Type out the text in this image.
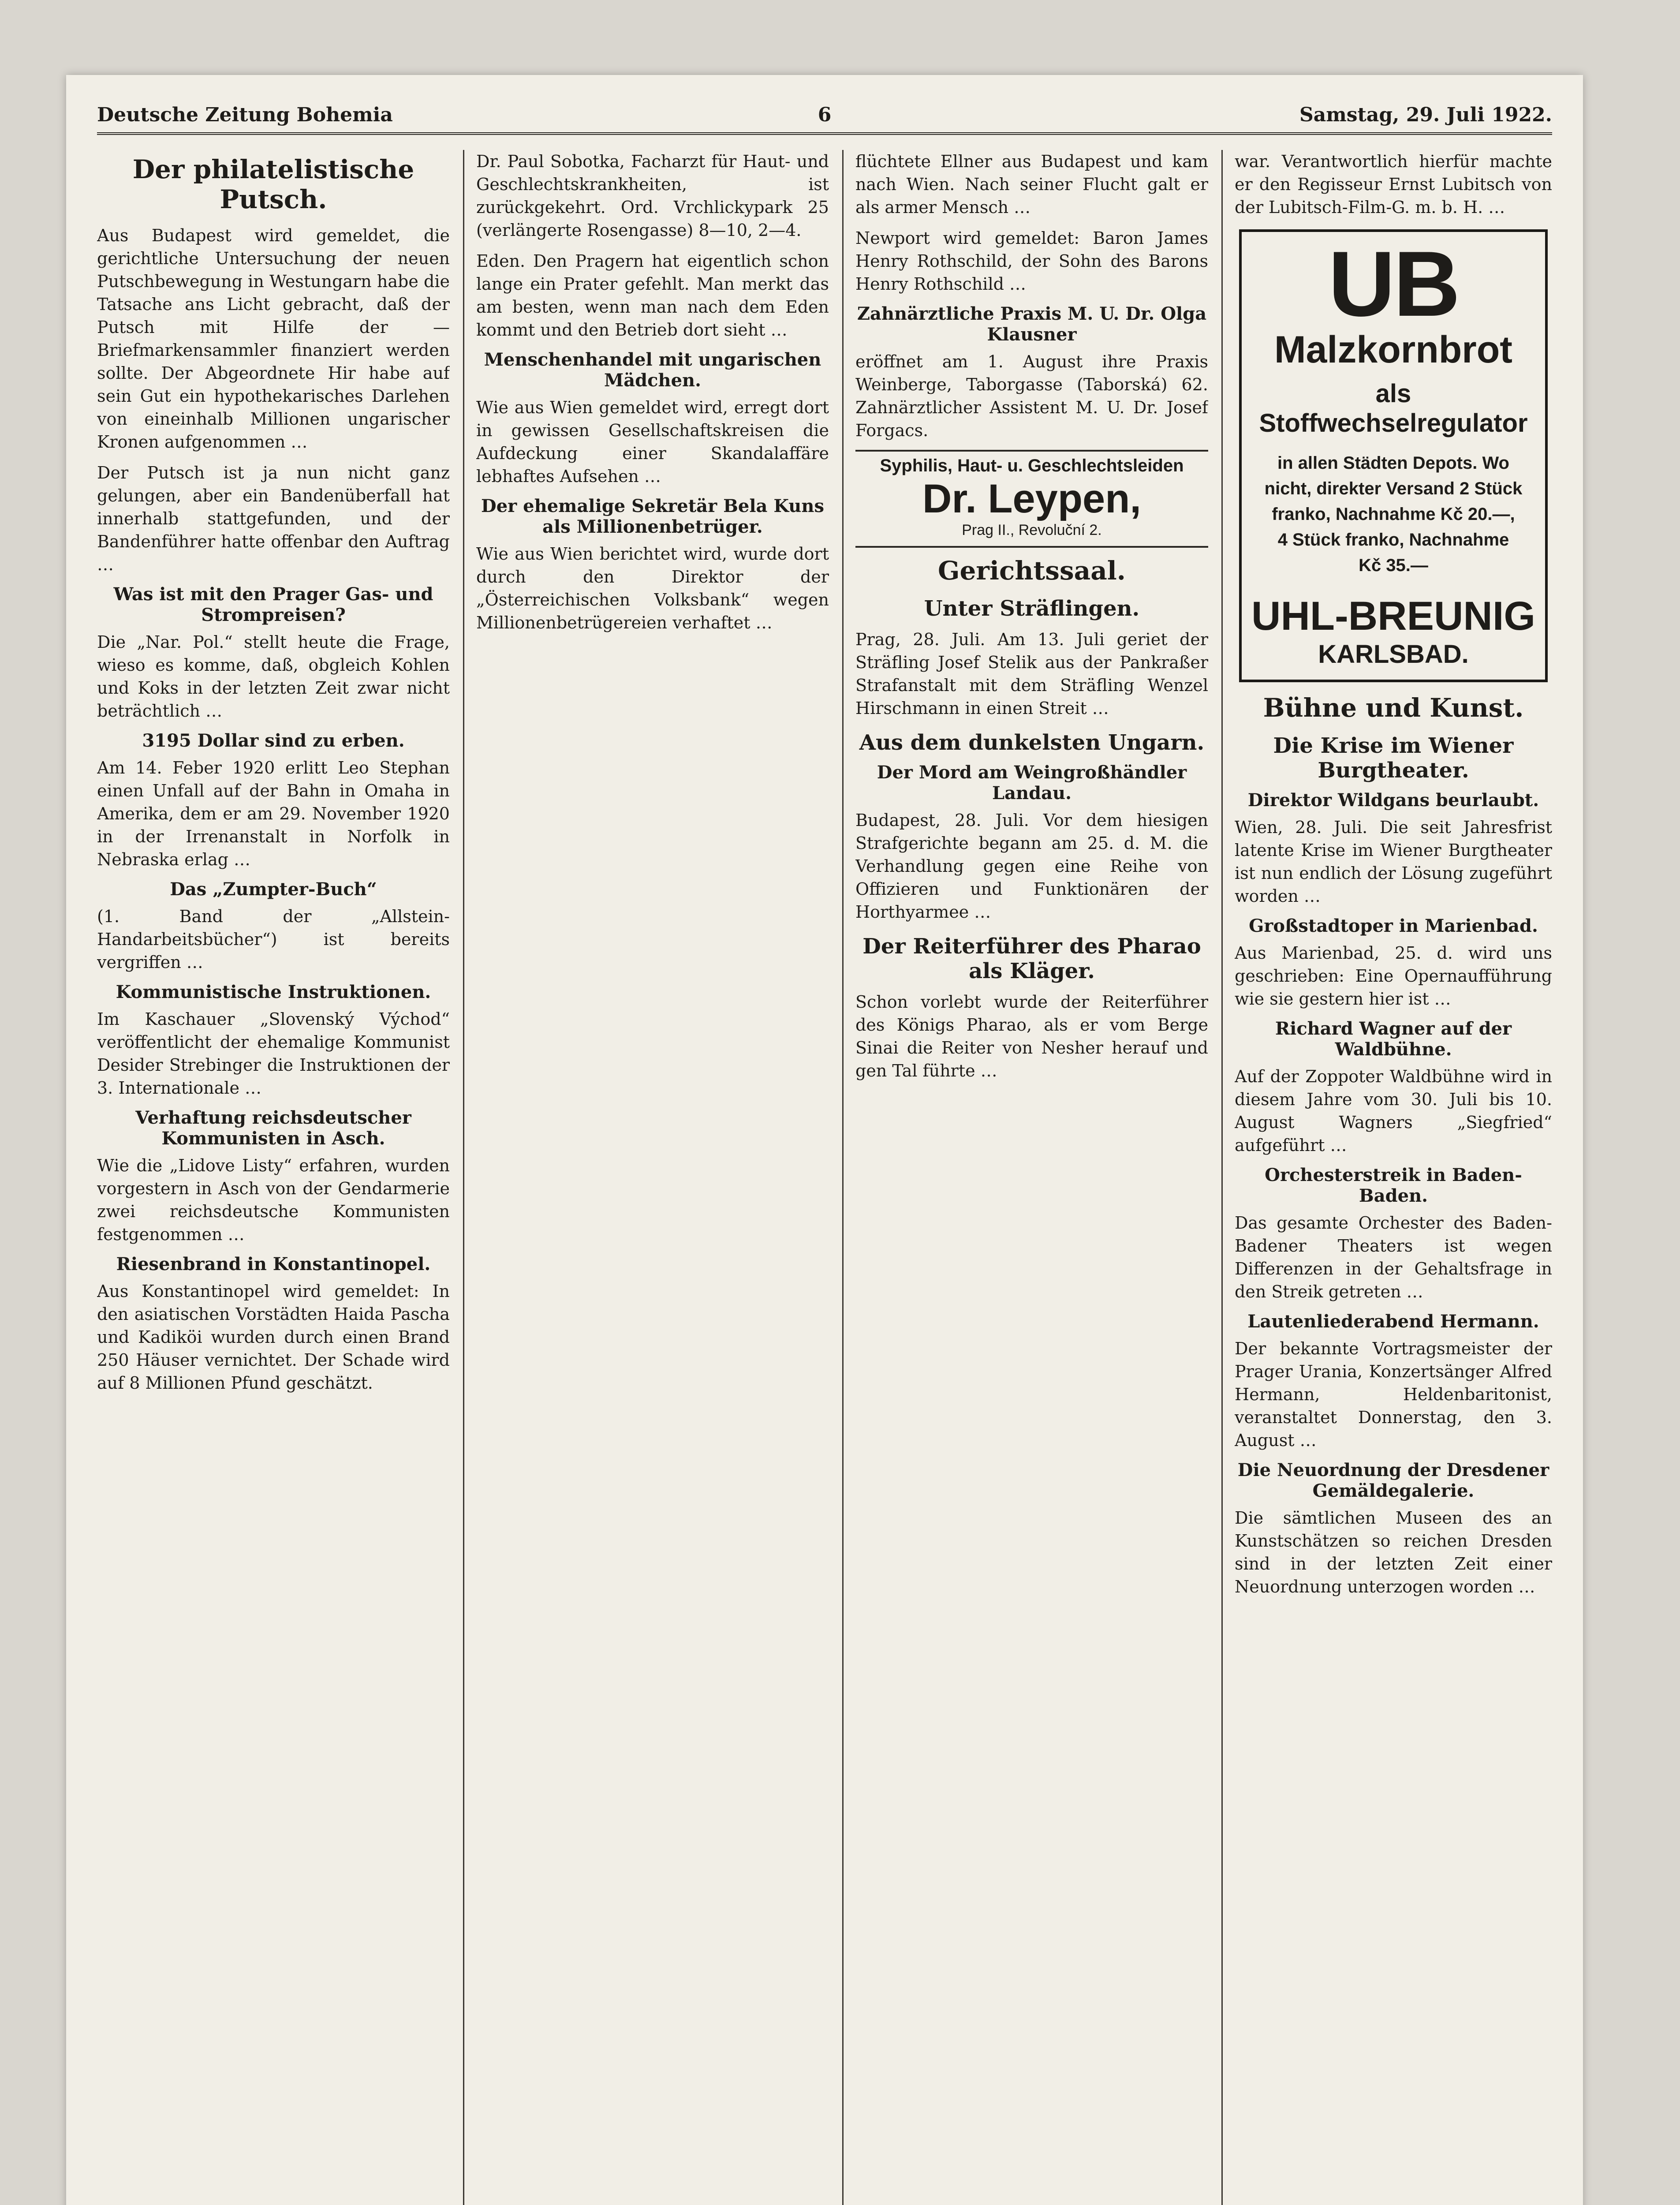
Deutsche Zeitung Bohemia	6	Samstag, 29. Juli 1922.
Der philatelistische Putsch.

Aus Budapest wird gemeldet, die gerichtliche Untersuchung der neuen Putschbewegung in Westungarn habe die Tatsache ans Licht gebracht, daß der Putsch mit Hilfe der — Briefmarkensammler finanziert werden sollte. Der Abgeordnete Hir habe auf sein Gut ein hypothekarisches Darlehen von eineinhalb Millionen ungarischer Kronen aufgenommen …

Der Putsch ist ja nun nicht ganz gelungen, aber ein Bandenüberfall hat innerhalb stattgefunden, und der Bandenführer hatte offenbar den Auftrag …

Was ist mit den Prager Gas- und Strompreisen?

Die „Nar. Pol.“ stellt heute die Frage, wieso es komme, daß, obgleich Kohlen und Koks in der letzten Zeit zwar nicht beträchtlich …

3195 Dollar sind zu erben.

Am 14. Feber 1920 erlitt Leo Stephan einen Unfall auf der Bahn in Omaha in Amerika, dem er am 29. November 1920 in der Irrenanstalt in Norfolk in Nebraska erlag …

Das „Zumpter-Buch“

(1. Band der „Allstein-Handarbeitsbücher“) ist bereits vergriffen …

Kommunistische Instruktionen.

Im Kaschauer „Slovenský Východ“ veröffentlicht der ehemalige Kommunist Desider Strebinger die Instruktionen der 3. Internationale …

Verhaftung reichsdeutscher Kommunisten in Asch.

Wie die „Lidove Listy“ erfahren, wurden vorgestern in Asch von der Gendarmerie zwei reichsdeutsche Kommunisten festgenommen …

Riesenbrand in Konstantinopel.

Aus Konstantinopel wird gemeldet: In den asiatischen Vorstädten Haida Pascha und Kadiköi wurden durch einen Brand 250 Häuser vernichtet. Der Schade wird auf 8 Millionen Pfund geschätzt.

Dr. Paul Sobotka, Facharzt für Haut- und Geschlechtskrankheiten, ist zurückgekehrt. Ord. Vrchlickypark 25 (verlängerte Rosengasse) 8—10, 2—4.

Eden. Den Pragern hat eigentlich schon lange ein Prater gefehlt. Man merkt das am besten, wenn man nach dem Eden kommt und den Betrieb dort sieht …

Menschenhandel mit ungarischen Mädchen.

Wie aus Wien gemeldet wird, erregt dort in gewissen Gesellschaftskreisen die Aufdeckung einer Skandalaffäre lebhaftes Aufsehen …

Der ehemalige Sekretär Bela Kuns als Millionenbetrüger.

Wie aus Wien berichtet wird, wurde dort durch den Direktor der „Österreichischen Volksbank“ wegen Millionenbetrügereien verhaftet …

flüchtete Ellner aus Budapest und kam nach Wien. Nach seiner Flucht galt er als armer Mensch …

Newport wird gemeldet: Baron James Henry Rothschild, der Sohn des Barons Henry Rothschild …

Zahnärztliche Praxis M. U. Dr. Olga Klausner

eröffnet am 1. August ihre Praxis Weinberge, Taborgasse (Taborská) 62. Zahnärztlicher Assistent M. U. Dr. Josef Forgacs.

Syphilis, Haut- u. Geschlechtsleiden
Dr. Leypen,
Prag II., Revoluční 2.
Gerichtssaal.
Unter Sträflingen.

Prag, 28. Juli. Am 13. Juli geriet der Sträfling Josef Stelik aus der Pankraßer Strafanstalt mit dem Sträfling Wenzel Hirschmann in einen Streit …

Aus dem dunkelsten Ungarn.
Der Mord am Weingroßhändler Landau.

Budapest, 28. Juli. Vor dem hiesigen Strafgerichte begann am 25. d. M. die Verhandlung gegen eine Reihe von Offizieren und Funktionären der Horthyarmee …

Der Reiterführer des Pharao als Kläger.

Schon vorlebt wurde der Reiterführer des Königs Pharao, als er vom Berge Sinai die Reiter von Nesher herauf und gen Tal führte …

war. Verantwortlich hierfür machte er den Regisseur Ernst Lubitsch von der Lubitsch-Film-G. m. b. H. …

UB Malzkornbrot
als Stoffwechselregulator
in allen Städten Depots. Wo
nicht, direkter Versand 2 Stück
franko, Nachnahme Kč 20.—,
4 Stück franko, Nachnahme
Kč 35.—
UHL-BREUNIG
KARLSBAD.
Bühne und Kunst.
Die Krise im Wiener Burgtheater.
Direktor Wildgans beurlaubt.

Wien, 28. Juli. Die seit Jahresfrist latente Krise im Wiener Burgtheater ist nun endlich der Lösung zugeführt worden …

Großstadtoper in Marienbad.

Aus Marienbad, 25. d. wird uns geschrieben: Eine Opernaufführung wie sie gestern hier ist …

Richard Wagner auf der Waldbühne.

Auf der Zoppoter Waldbühne wird in diesem Jahre vom 30. Juli bis 10. August Wagners „Siegfried“ aufgeführt …

Orchesterstreik in Baden-Baden.

Das gesamte Orchester des Baden-Badener Theaters ist wegen Differenzen in der Gehaltsfrage in den Streik getreten …

Lautenliederabend Hermann.

Der bekannte Vortragsmeister der Prager Urania, Konzertsänger Alfred Hermann, Heldenbaritonist, veranstaltet Donnerstag, den 3. August …

Die Neuordnung der Dresdener Gemäldegalerie.

Die sämtlichen Museen des an Kunstschätzen so reichen Dresden sind in der letzten Zeit einer Neuordnung unterzogen worden …
